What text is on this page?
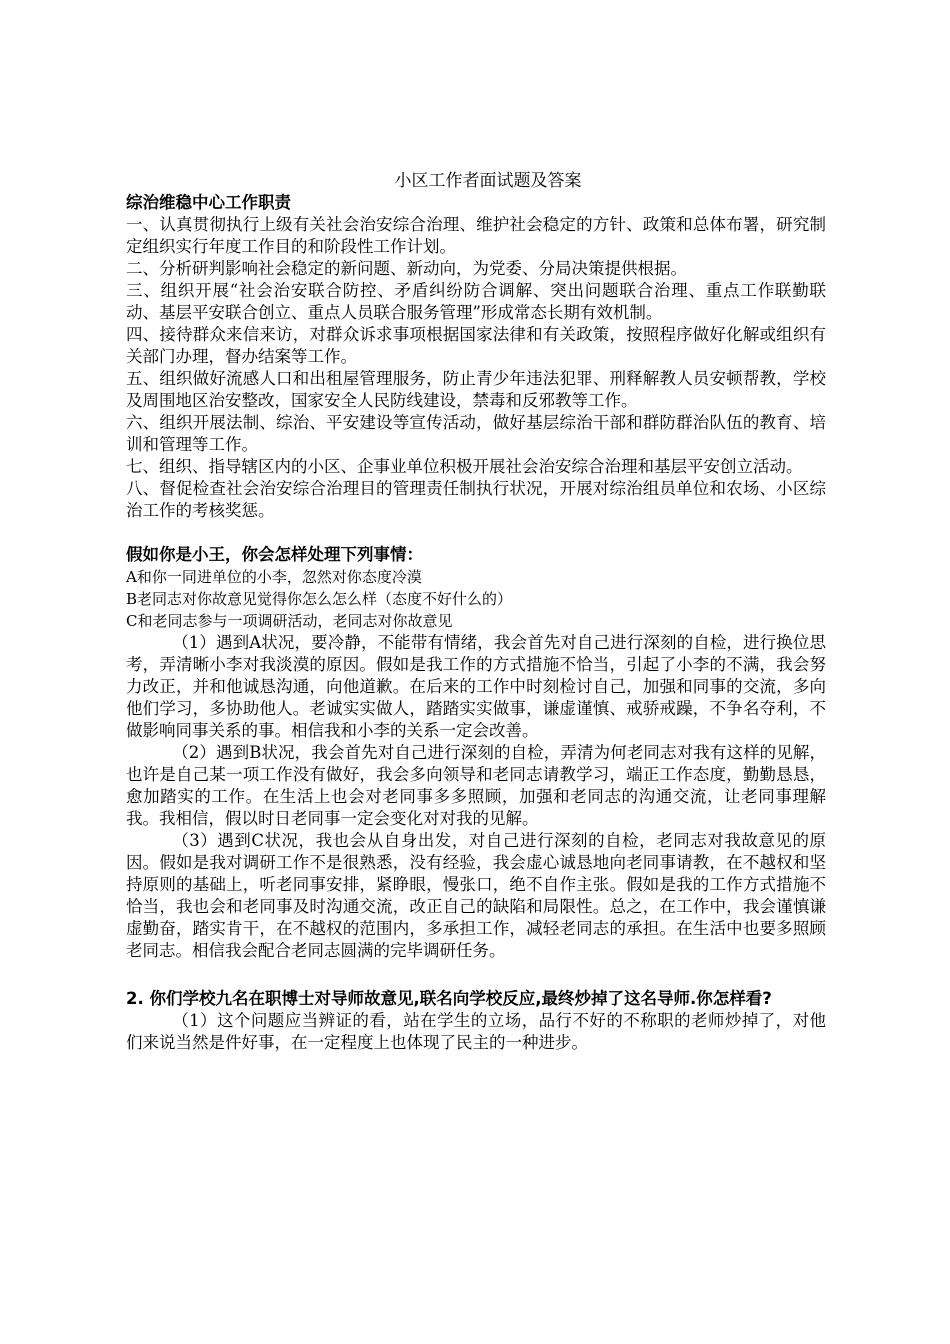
小区工作者面试题及答案

综治维稳中心工作职责

一、认真贯彻执行上级有关社会治安综合治理、维护社会稳定的方针、政策和总体布署，研究制定组织实行年度工作目的和阶段性工作计划。

二、分析研判影响社会稳定的新问题、新动向，为党委、分局决策提供根据。

三、组织开展“社会治安联合防控、矛盾纠纷防合调解、突出问题联合治理、重点工作联勤联动、基层平安联合创立、重点人员联合服务管理”形成常态长期有效机制。

四、接待群众来信来访，对群众诉求事项根据国家法律和有关政策，按照程序做好化解或组织有关部门办理，督办结案等工作。

五、组织做好流感人口和出租屋管理服务，防止青少年违法犯罪、刑释解教人员安顿帮教，学校及周围地区治安整改，国家安全人民防线建设，禁毒和反邪教等工作。

六、组织开展法制、综治、平安建设等宣传活动，做好基层综治干部和群防群治队伍的教育、培训和管理等工作。

七、组织、指导辖区内的小区、企事业单位积极开展社会治安综合治理和基层平安创立活动。

八、督促检查社会治安综合治理目的管理责任制执行状况，开展对综治组员单位和农场、小区综治工作的考核奖惩。

假如你是小王，你会怎样处理下列事情：

A和你一同进单位的小李，忽然对你态度冷漠

B老同志对你故意见觉得你怎么怎么样（态度不好什么的）

C和老同志参与一项调研活动，老同志对你故意见

（1）遇到A状况，要冷静，不能带有情绪，我会首先对自己进行深刻的自检，进行换位思考，弄清晰小李对我淡漠的原因。假如是我工作的方式措施不恰当，引起了小李的不满，我会努力改正，并和他诚恳沟通，向他道歉。在后来的工作中时刻检讨自己，加强和同事的交流，多向他们学习，多协助他人。老诚实实做人，踏踏实实做事，谦虚谨慎、戒骄戒躁，不争名夺利，不做影响同事关系的事。相信我和小李的关系一定会改善。

（2）遇到B状况，我会首先对自己进行深刻的自检，弄清为何老同志对我有这样的见解，也许是自己某一项工作没有做好，我会多向领导和老同志请教学习，端正工作态度，勤勤恳恳，愈加踏实的工作。在生活上也会对老同事多多照顾，加强和老同志的沟通交流，让老同事理解我。我相信，假以时日老同事一定会变化对对我的见解。

（3）遇到C状况，我也会从自身出发，对自己进行深刻的自检，老同志对我故意见的原因。假如是我对调研工作不是很熟悉，没有经验，我会虚心诚恳地向老同事请教，在不越权和坚持原则的基础上，听老同事安排，紧睁眼，慢张口，绝不自作主张。假如是我的工作方式措施不恰当，我也会和老同事及时沟通交流，改正自己的缺陷和局限性。总之，在工作中，我会谨慎谦虚勤奋，踏实肯干，在不越权的范围内，多承担工作，减轻老同志的承担。在生活中也要多照顾老同志。相信我会配合老同志圆满的完毕调研任务。

2. 你们学校九名在职博士对导师故意见,联名向学校反应,最终炒掉了这名导师.你怎样看?

（1）这个问题应当辨证的看，站在学生的立场，品行不好的不称职的老师炒掉了，对他们来说当然是件好事，在一定程度上也体现了民主的一种进步。
